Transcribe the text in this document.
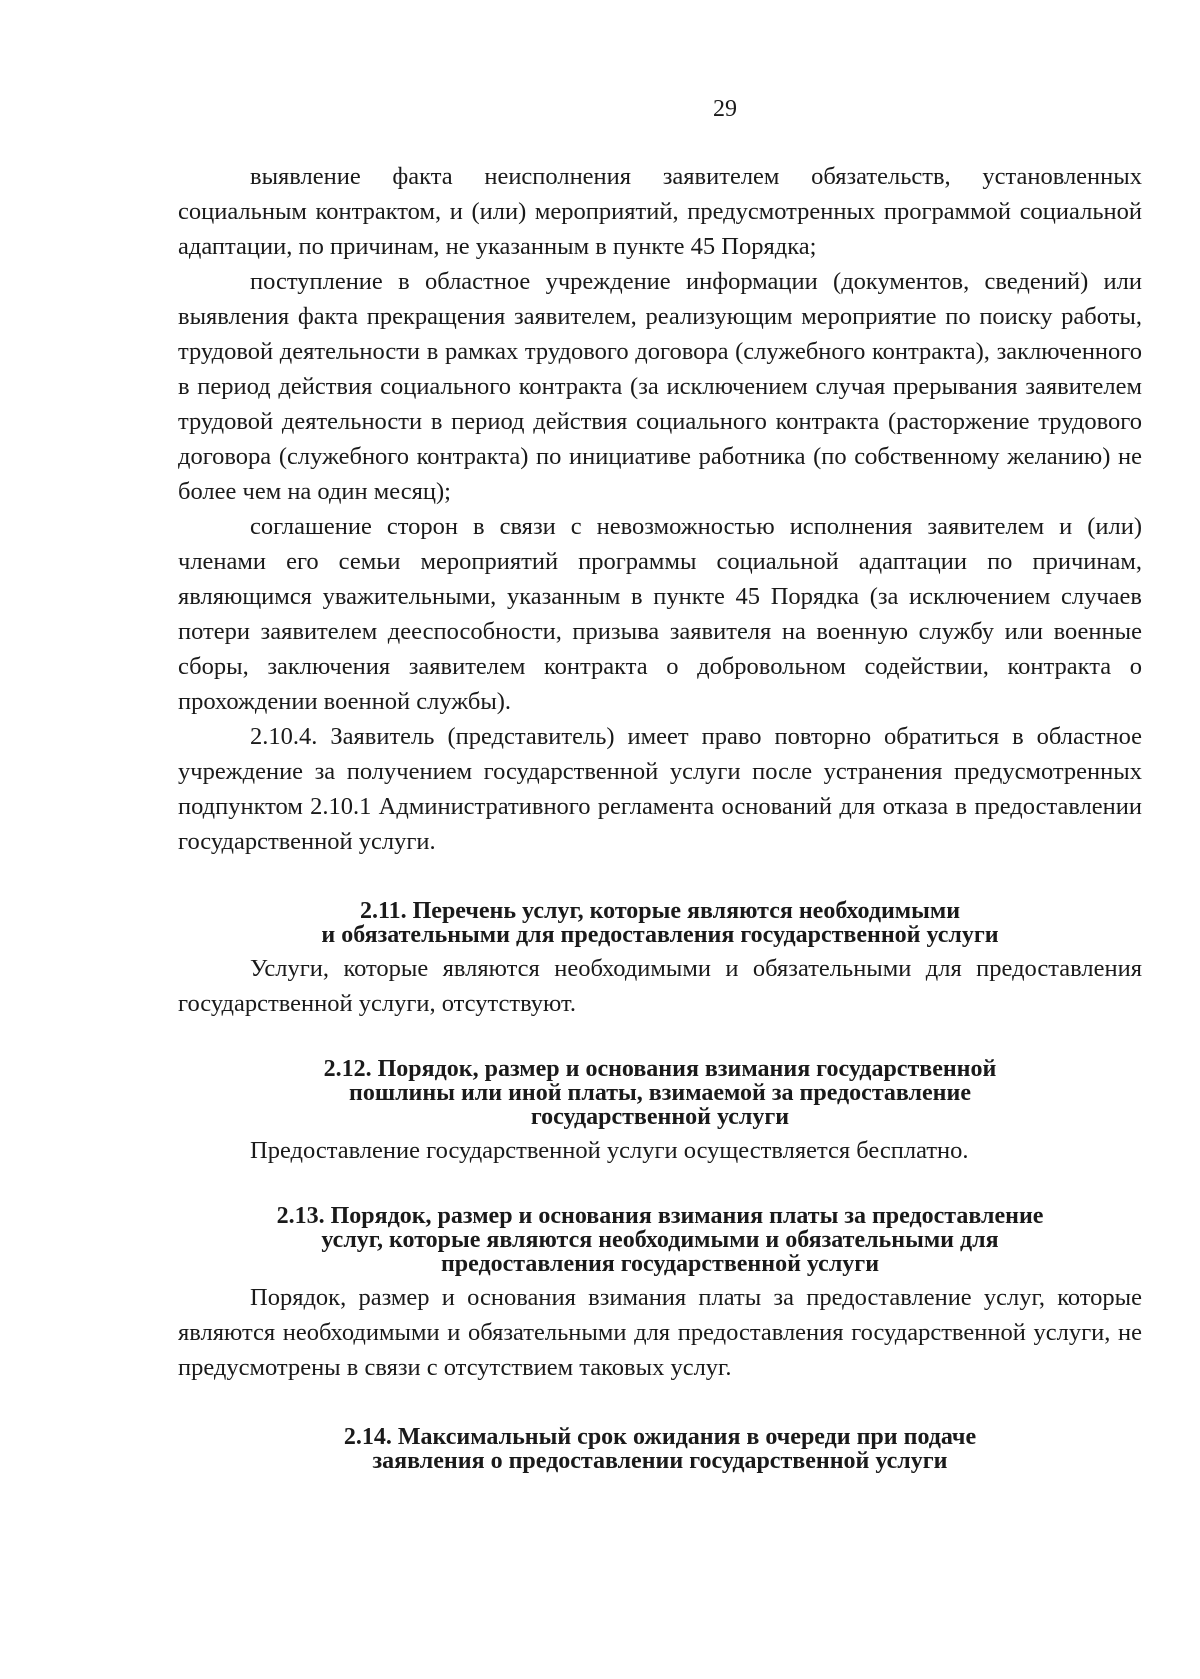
29

выявление факта неисполнения заявителем обязательств, установленных социальным контрактом, и (или) мероприятий, предусмотренных программой социальной адаптации, по причинам, не указанным в пункте 45 Порядка;

поступление в областное учреждение информации (документов, сведений) или выявления факта прекращения заявителем, реализующим мероприятие по поиску работы, трудовой деятельности в рамках трудового договора (служебного контракта), заключенного в период действия социального контракта (за исключением случая прерывания заявителем трудовой деятельности в период действия социального контракта (расторжение трудового договора (служебного контракта) по инициативе работника (по собственному желанию) не более чем на один месяц);

соглашение сторон в связи с невозможностью исполнения заявителем и (или) членами его семьи мероприятий программы социальной адаптации по причинам, являющимся уважительными, указанным в пункте 45 Порядка (за исключением случаев потери заявителем дееспособности, призыва заявителя на военную службу или военные сборы, заключения заявителем контракта о добровольном содействии, контракта о прохождении военной службы).

2.10.4. Заявитель (представитель) имеет право повторно обратиться в областное учреждение за получением государственной услуги после устранения предусмотренных подпунктом 2.10.1 Административного регламента оснований для отказа в предоставлении государственной услуги.

2.11. Перечень услуг, которые являются необходимыми
и обязательными для предоставления государственной услуги

Услуги, которые являются необходимыми и обязательными для предоставления государственной услуги, отсутствуют.

2.12. Порядок, размер и основания взимания государственной
пошлины или иной платы, взимаемой за предоставление
государственной услуги

Предоставление государственной услуги осуществляется бесплатно.

2.13. Порядок, размер и основания взимания платы за предоставление
услуг, которые являются необходимыми и обязательными для
предоставления государственной услуги

Порядок, размер и основания взимания платы за предоставление услуг, которые являются необходимыми и обязательными для предоставления государственной услуги, не предусмотрены в связи с отсутствием таковых услуг.

2.14. Максимальный срок ожидания в очереди при подаче
заявления о предоставлении государственной услуги
